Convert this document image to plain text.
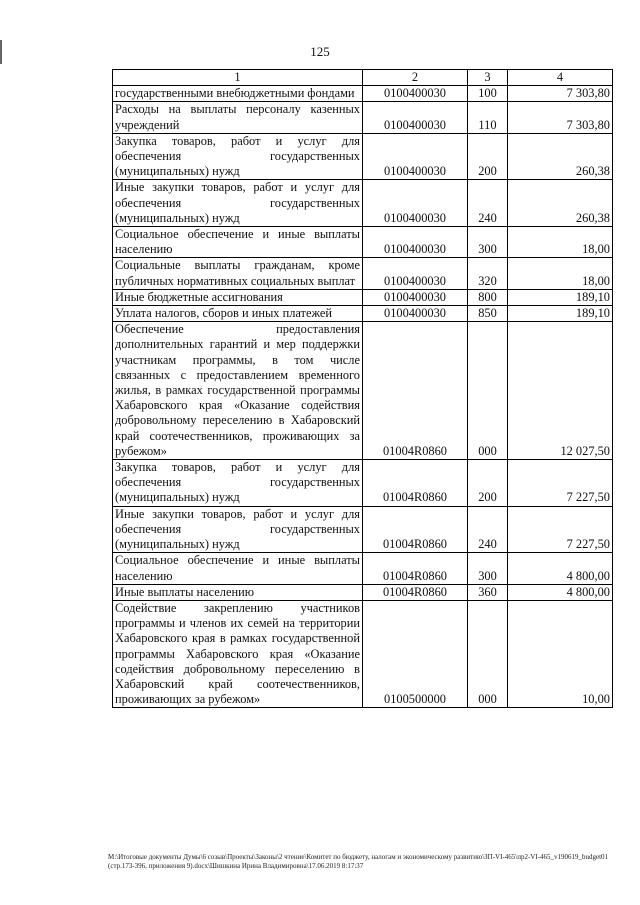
125
1	2	3	4
государственными внебюджетными фондами	0100400030	100	7 303,80
Расходы на выплаты персоналу казенных учреждений	0100400030	110	7 303,80
Закупка товаров, работ и услуг для обеспечения государственных (муниципальных) нужд	0100400030	200	260,38
Иные закупки товаров, работ и услуг для обеспечения государственных (муниципальных) нужд	0100400030	240	260,38
Социальное обеспечение и иные выплаты населению	0100400030	300	18,00
Социальные выплаты гражданам, кроме публичных нормативных социальных выплат	0100400030	320	18,00
Иные бюджетные ассигнования	0100400030	800	189,10
Уплата налогов, сборов и иных платежей	0100400030	850	189,10
Обеспечение предоставления дополнительных гарантий и мер поддержки участникам программы, в том числе связанных с предоставлением временного жилья, в рамках государственной программы Хабаровского края «Оказание содействия добровольному переселению в Хабаровский край соотечественников, проживающих за рубежом»	01004R0860	000	12 027,50
Закупка товаров, работ и услуг для обеспечения государственных (муниципальных) нужд	01004R0860	200	7 227,50
Иные закупки товаров, работ и услуг для обеспечения государственных (муниципальных) нужд	01004R0860	240	7 227,50
Социальное обеспечение и иные выплаты населению	01004R0860	300	4 800,00
Иные выплаты населению	01004R0860	360	4 800,00
Содействие закреплению участников программы и членов их семей на территории Хабаровского края в рамках государственной программы Хабаровского края «Оказание содействия добровольному переселению в Хабаровский край соотечественников, проживающих за рубежом»	0100500000	000	10,00
M:\Итоговые документы Думы\6 созыв\Проекты\Законы\2 чтение\Комитет по бюджету, налогам и экономическому развитию\ЗП-VI-465\пр2-VI-465_v190619_budget01 (стр.173-396, приложения 9).docx\Шишкина Ирина Владимировна\17.06.2019 8:17:37
